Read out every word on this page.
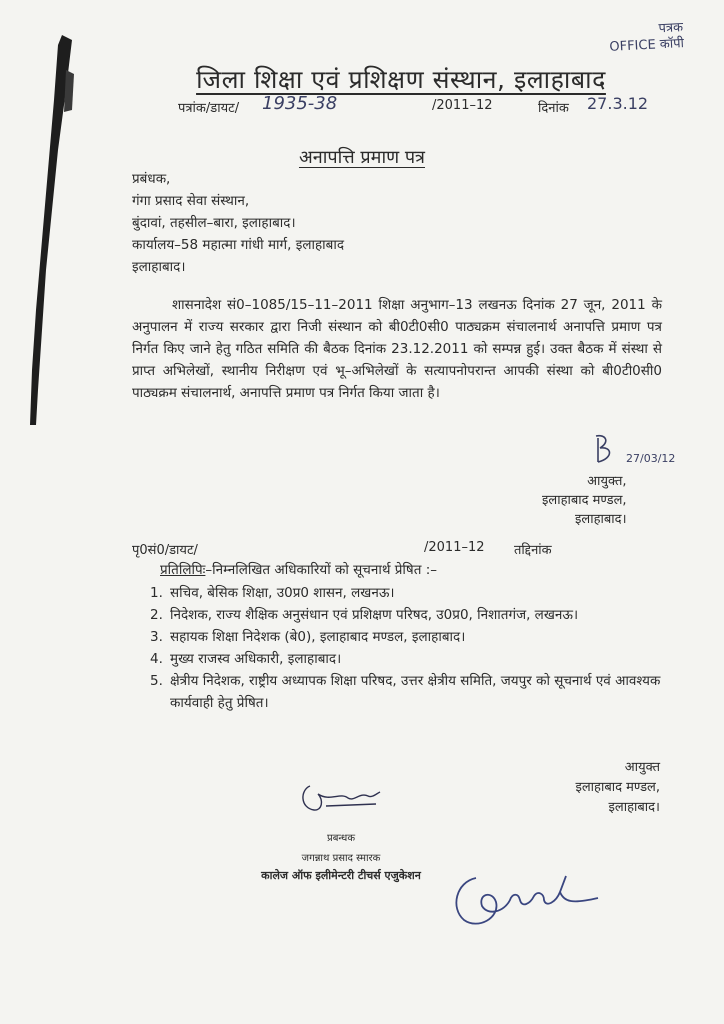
पत्रक
OFFICE कॉपी
जिला शिक्षा एवं प्रशिक्षण संस्थान, इलाहाबाद
पत्रांक/डायट/ 1935-38	/2011–12	दिनांक 27.3.12
अनापत्ति प्रमाण पत्र
प्रबंधक,
गंगा प्रसाद सेवा संस्थान,
बुंदावां, तहसील–बारा, इलाहाबाद।
कार्यालय–58 महात्मा गांधी मार्ग, इलाहाबाद
इलाहाबाद।
शासनादेश सं0–1085/15–11–2011 शिक्षा अनुभाग–13 लखनऊ दिनांक 27 जून, 2011 के अनुपालन में राज्य सरकार द्वारा निजी संस्थान को बी0टी0सी0 पाठ्यक्रम संचालनार्थ अनापत्ति प्रमाण पत्र निर्गत किए जाने हेतु गठित समिति की बैठक दिनांक 23.12.2011 को सम्पन्न हुई। उक्त बैठक में संस्था से प्राप्त अभिलेखों, स्थानीय निरीक्षण एवं भू–अभिलेखों के सत्यापनोपरान्त आपकी संस्था को बी0टी0सी0 पाठ्यक्रम संचालनार्थ, अनापत्ति प्रमाण पत्र निर्गत किया जाता है।
27/03/12
आयुक्त,
इलाहाबाद मण्डल,
इलाहाबाद।
पृ0सं0/डायट/	/2011–12 तद्दिनांक
प्रतिलिपिः–निम्नलिखित अधिकारियों को सूचनार्थ प्रेषित :–
1. सचिव, बेसिक शिक्षा, उ0प्र0 शासन, लखनऊ।
2. निदेशक, राज्य शैक्षिक अनुसंधान एवं प्रशिक्षण परिषद, उ0प्र0, निशातगंज, लखनऊ।
3. सहायक शिक्षा निदेशक (बे0), इलाहाबाद मण्डल, इलाहाबाद।
4. मुख्य राजस्व अधिकारी, इलाहाबाद।
5. क्षेत्रीय निदेशक, राष्ट्रीय अध्यापक शिक्षा परिषद, उत्तर क्षेत्रीय समिति, जयपुर को सूचनार्थ एवं आवश्यक कार्यवाही हेतु प्रेषित।
आयुक्त
इलाहाबाद मण्डल,
इलाहाबाद।
प्रबन्धक
जगन्नाथ प्रसाद स्मारक
कालेज ऑफ इलीमेन्टरी टीचर्स एजुकेशन
